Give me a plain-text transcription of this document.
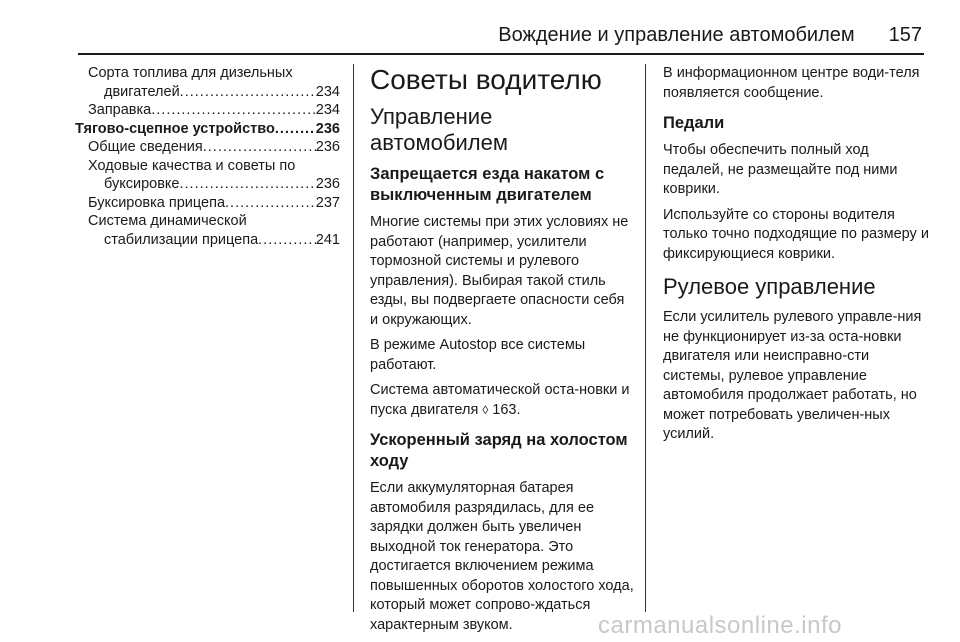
Вождение и управление автомобилем 157
Сорта топлива для дизельных
двигателей .....	234
Заправка .....	234
Тягово-сцепное устройство .....	236
Общие сведения .....	236
Ходовые качества и советы по
буксировке .....	236
Буксировка прицепа .....	237
Система динамической
стабилизации прицепа .....	241
Советы водителю
Управление автомобилем
Запрещается езда накатом с выключенным двигателем
Многие системы при этих условиях не работают (например, усилители тормозной системы и рулевого управления). Выбирая такой стиль езды, вы подвергаете опасности себя и окружающих.
В режиме Autostop все системы работают.
Система автоматической оста-новки и пуска двигателя ◊ 163.
Ускоренный заряд на холостом ходу
Если аккумуляторная батарея автомобиля разрядилась, для ее зарядки должен быть увеличен выходной ток генератора. Это достигается включением режима повышенных оборотов холостого хода, который может сопрово-ждаться характерным звуком.
В информационном центре води-теля появляется сообщение.
Педали
Чтобы обеспечить полный ход педалей, не размещайте под ними коврики.
Используйте со стороны водителя только точно подходящие по размеру и фиксирующиеся коврики.
Рулевое управление
Если усилитель рулевого управле-ния не функционирует из-за оста-новки двигателя или неисправно-сти системы, рулевое управление автомобиля продолжает работать, но может потребовать увеличен-ных усилий.
carmanualsonline.info
